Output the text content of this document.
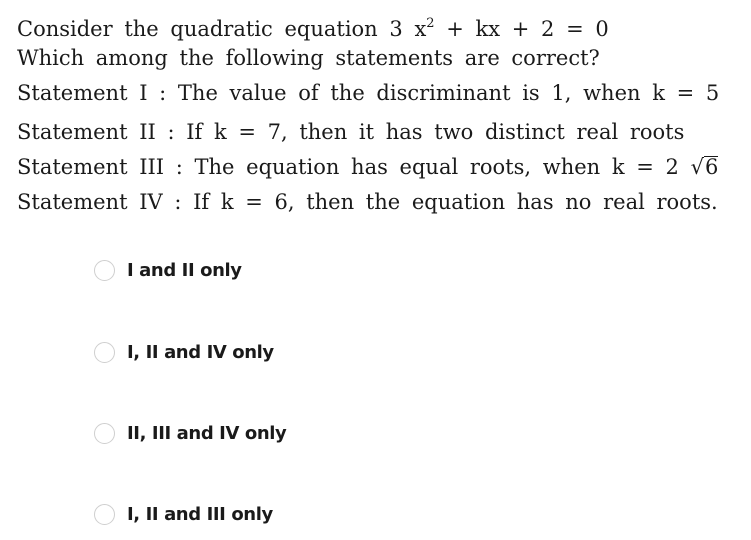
Consider the quadratic equation 3 $x^2$ + kx + 2 = 0
Which among the following statements are correct?
Statement I : The value of the discriminant is 1, when k = 5
Statement II : If k = 7, then it has two distinct real roots
Statement III : The equation has equal roots, when k = 2 √6
Statement IV : If k = 6, then the equation has no real roots.
I and II only
I, II and IV only
II, III and IV only
I, II and III only
